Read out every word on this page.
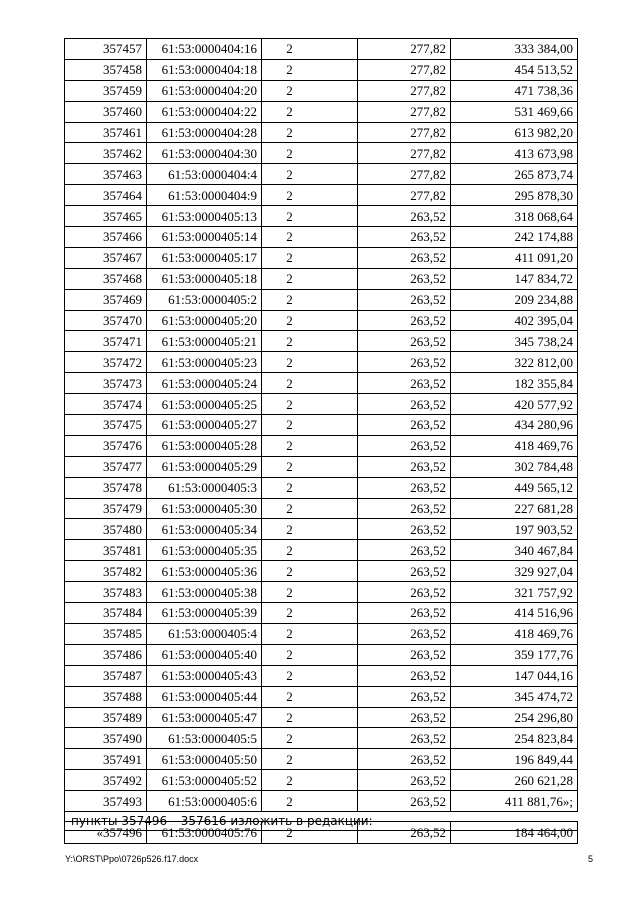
357457	61:53:0000404:16	2	277,82	333 384,00
357458	61:53:0000404:18	2	277,82	454 513,52
357459	61:53:0000404:20	2	277,82	471 738,36
357460	61:53:0000404:22	2	277,82	531 469,66
357461	61:53:0000404:28	2	277,82	613 982,20
357462	61:53:0000404:30	2	277,82	413 673,98
357463	61:53:0000404:4	2	277,82	265 873,74
357464	61:53:0000404:9	2	277,82	295 878,30
357465	61:53:0000405:13	2	263,52	318 068,64
357466	61:53:0000405:14	2	263,52	242 174,88
357467	61:53:0000405:17	2	263,52	411 091,20
357468	61:53:0000405:18	2	263,52	147 834,72
357469	61:53:0000405:2	2	263,52	209 234,88
357470	61:53:0000405:20	2	263,52	402 395,04
357471	61:53:0000405:21	2	263,52	345 738,24
357472	61:53:0000405:23	2	263,52	322 812,00
357473	61:53:0000405:24	2	263,52	182 355,84
357474	61:53:0000405:25	2	263,52	420 577,92
357475	61:53:0000405:27	2	263,52	434 280,96
357476	61:53:0000405:28	2	263,52	418 469,76
357477	61:53:0000405:29	2	263,52	302 784,48
357478	61:53:0000405:3	2	263,52	449 565,12
357479	61:53:0000405:30	2	263,52	227 681,28
357480	61:53:0000405:34	2	263,52	197 903,52
357481	61:53:0000405:35	2	263,52	340 467,84
357482	61:53:0000405:36	2	263,52	329 927,04
357483	61:53:0000405:38	2	263,52	321 757,92
357484	61:53:0000405:39	2	263,52	414 516,96
357485	61:53:0000405:4	2	263,52	418 469,76
357486	61:53:0000405:40	2	263,52	359 177,76
357487	61:53:0000405:43	2	263,52	147 044,16
357488	61:53:0000405:44	2	263,52	345 474,72
357489	61:53:0000405:47	2	263,52	254 296,80
357490	61:53:0000405:5	2	263,52	254 823,84
357491	61:53:0000405:50	2	263,52	196 849,44
357492	61:53:0000405:52	2	263,52	260 621,28
357493	61:53:0000405:6	2	263,52	411 881,76»;
пункты 357496 – 357616 изложить в редакции:				
«357496	61:53:0000405:76	2	263,52	184 464,00
Y:\ORST\Ppo\0726p526.f17.docx	5
